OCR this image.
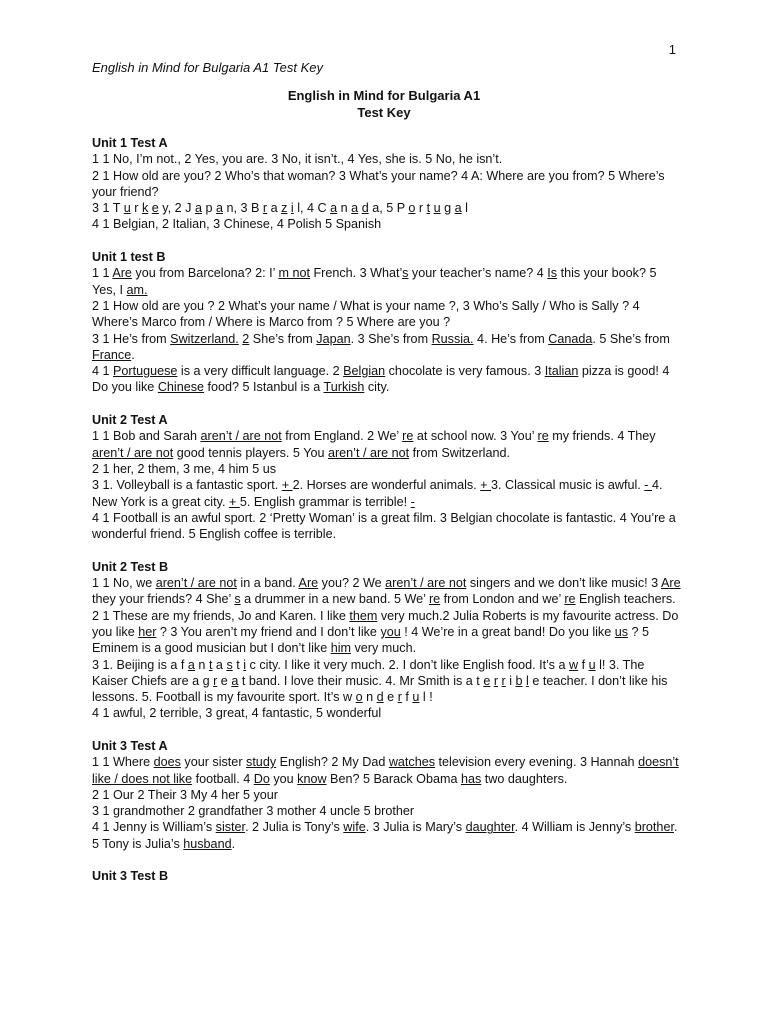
1
English in Mind for Bulgaria A1 Test Key
English in Mind for Bulgaria A1
Test Key
Unit 1 Test A

1 1 No, I’m not., 2 Yes, you are. 3 No, it isn’t., 4 Yes, she is. 5 No, he isn’t.

2 1 How old are you? 2 Who’s that woman? 3 What’s your name? 4 A: Where are you from? 5 Where’s your friend?

3 1 T u r k e y, 2 J a p a n, 3 B r a z i l, 4 C a n a d a, 5 P o r t u g a l

4 1 Belgian, 2 Italian, 3 Chinese, 4 Polish 5 Spanish

Unit 1 test B

1 1 Are you from Barcelona? 2: I’ m not French. 3 What’s your teacher’s name? 4 Is this your book? 5 Yes, I am.

2 1 How old are you ? 2 What’s your name / What is your name ?, 3 Who’s Sally / Who is Sally ? 4 Where’s Marco from / Where is Marco from ? 5 Where are you ?

3 1 He’s from Switzerland. 2 She’s from Japan. 3 She’s from Russia. 4. He’s from Canada. 5 She’s from France.

4 1 Portuguese is a very difficult language. 2 Belgian chocolate is very famous. 3 Italian pizza is good! 4 Do you like Chinese food? 5 Istanbul is a Turkish city.

Unit 2 Test A

1 1 Bob and Sarah aren’t / are not from England. 2 We’ re at school now. 3 You’ re my friends. 4 They aren’t / are not good tennis players. 5 You aren’t / are not from Switzerland.

2 1 her, 2 them, 3 me, 4 him 5 us

3 1. Volleyball is a fantastic sport. + 2. Horses are wonderful animals. + 3. Classical music is awful. - 4. New York is a great city. + 5. English grammar is terrible! -

4 1 Football is an awful sport. 2 ‘Pretty Woman’ is a great film. 3 Belgian chocolate is fantastic. 4 You’re a wonderful friend. 5 English coffee is terrible.

Unit 2 Test B

1 1 No, we aren’t / are not in a band. Are you? 2 We aren’t / are not singers and we don’t like music! 3 Are they your friends? 4 She’ s a drummer in a new band. 5 We’ re from London and we’ re English teachers.

2 1 These are my friends, Jo and Karen. I like them very much.2 Julia Roberts is my favourite actress. Do you like her ? 3 You aren’t my friend and I don’t like you ! 4 We’re in a great band! Do you like us ? 5 Eminem is a good musician but I don’t like him very much.

3 1. Beijing is a f a n t a s t i c city. I like it very much. 2. I don’t like English food. It’s a w f u l! 3. The Kaiser Chiefs are a g r e a t band. I love their music. 4. Mr Smith is a t e r r i b l e teacher. I don’t like his lessons. 5. Football is my favourite sport. It’s w o n d e r f u l !

4 1 awful, 2 terrible, 3 great, 4 fantastic, 5 wonderful

Unit 3 Test A

1 1 Where does your sister study English? 2 My Dad watches television every evening. 3 Hannah doesn’t like / does not like football. 4 Do you know Ben? 5 Barack Obama has two daughters.

2 1 Our 2 Their 3 My 4 her 5 your

3 1 grandmother 2 grandfather 3 mother 4 uncle 5 brother

4 1 Jenny is William’s sister. 2 Julia is Tony’s wife. 3 Julia is Mary’s daughter. 4 William is Jenny’s brother. 5 Tony is Julia’s husband.

Unit 3 Test B
